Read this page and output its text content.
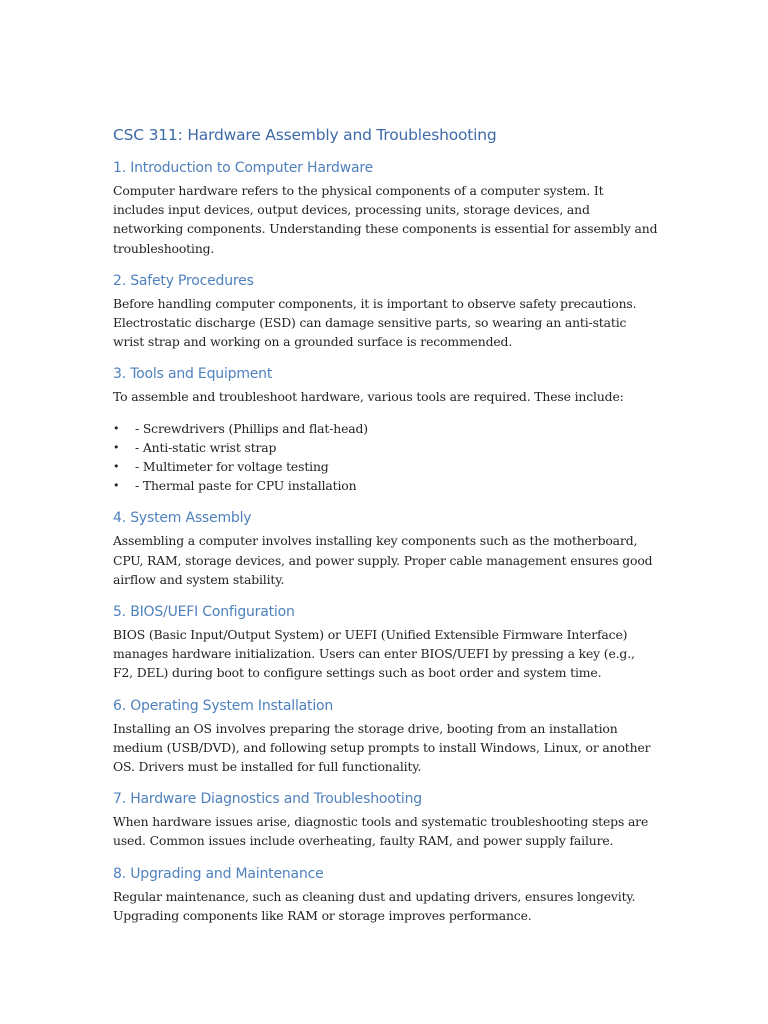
CSC 311: Hardware Assembly and Troubleshooting
1. Introduction to Computer Hardware

Computer hardware refers to the physical components of a computer system. It includes input devices, output devices, processing units, storage devices, and networking components. Understanding these components is essential for assembly and troubleshooting.

2. Safety Procedures

Before handling computer components, it is important to observe safety precautions. Electrostatic discharge (ESD) can damage sensitive parts, so wearing an anti-static wrist strap and working on a grounded surface is recommended.

3. Tools and Equipment

To assemble and troubleshoot hardware, various tools are required. These include:

• - Screwdrivers (Phillips and flat-head)
• - Anti-static wrist strap
• - Multimeter for voltage testing
• - Thermal paste for CPU installation
4. System Assembly

Assembling a computer involves installing key components such as the motherboard, CPU, RAM, storage devices, and power supply. Proper cable management ensures good airflow and system stability.

5. BIOS/UEFI Configuration

BIOS (Basic Input/Output System) or UEFI (Unified Extensible Firmware Interface) manages hardware initialization. Users can enter BIOS/UEFI by pressing a key (e.g., F2, DEL) during boot to configure settings such as boot order and system time.

6. Operating System Installation

Installing an OS involves preparing the storage drive, booting from an installation medium (USB/DVD), and following setup prompts to install Windows, Linux, or another OS. Drivers must be installed for full functionality.

7. Hardware Diagnostics and Troubleshooting

When hardware issues arise, diagnostic tools and systematic troubleshooting steps are used. Common issues include overheating, faulty RAM, and power supply failure.

8. Upgrading and Maintenance

Regular maintenance, such as cleaning dust and updating drivers, ensures longevity. Upgrading components like RAM or storage improves performance.
